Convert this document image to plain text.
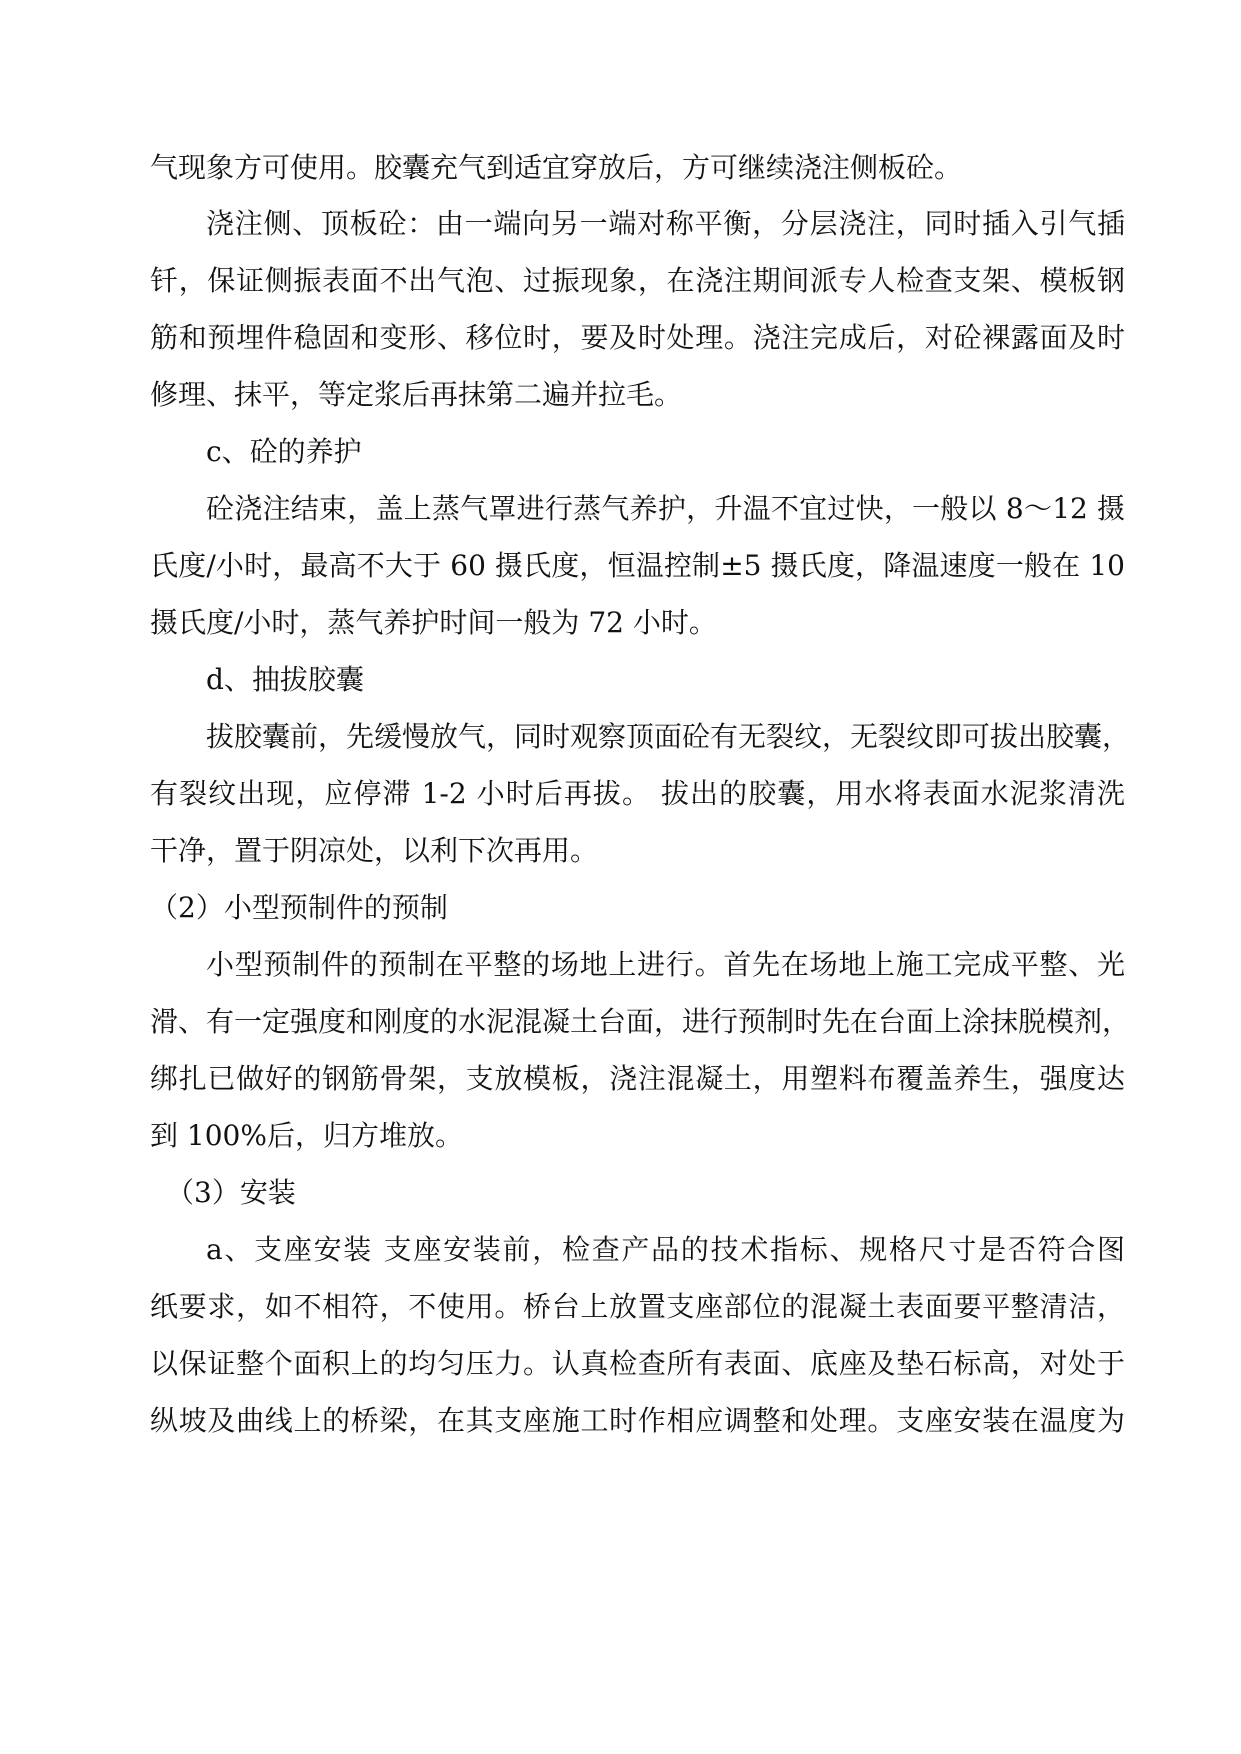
气现象方可使用。胶囊充气到适宜穿放后，方可继续浇注侧板砼。
浇注侧、顶板砼：由一端向另一端对称平衡，分层浇注，同时插入引气插
钎，保证侧振表面不出气泡、过振现象，在浇注期间派专人检查支架、模板钢
筋和预埋件稳固和变形、移位时，要及时处理。浇注完成后，对砼裸露面及时
修理、抹平，等定浆后再抹第二遍并拉毛。
c、砼的养护
砼浇注结束，盖上蒸气罩进行蒸气养护，升温不宜过快，一般以 8～12 摄
氏度/小时，最高不大于 60 摄氏度，恒温控制±5 摄氏度，降温速度一般在 10
摄氏度/小时，蒸气养护时间一般为 72 小时。
d、抽拔胶囊
拔胶囊前，先缓慢放气，同时观察顶面砼有无裂纹，无裂纹即可拔出胶囊，
有裂纹出现，应停滞 1-2 小时后再拔。 拔出的胶囊，用水将表面水泥浆清洗
干净，置于阴凉处，以利下次再用。
（2）小型预制件的预制
小型预制件的预制在平整的场地上进行。首先在场地上施工完成平整、光
滑、有一定强度和刚度的水泥混凝土台面，进行预制时先在台面上涂抹脱模剂，
绑扎已做好的钢筋骨架，支放模板，浇注混凝土，用塑料布覆盖养生，强度达
到 100%后，归方堆放。
（3）安装
a、支座安装 支座安装前，检查产品的技术指标、规格尺寸是否符合图
纸要求，如不相符，不使用。桥台上放置支座部位的混凝土表面要平整清洁，
以保证整个面积上的均匀压力。认真检查所有表面、底座及垫石标高，对处于
纵坡及曲线上的桥梁，在其支座施工时作相应调整和处理。支座安装在温度为
